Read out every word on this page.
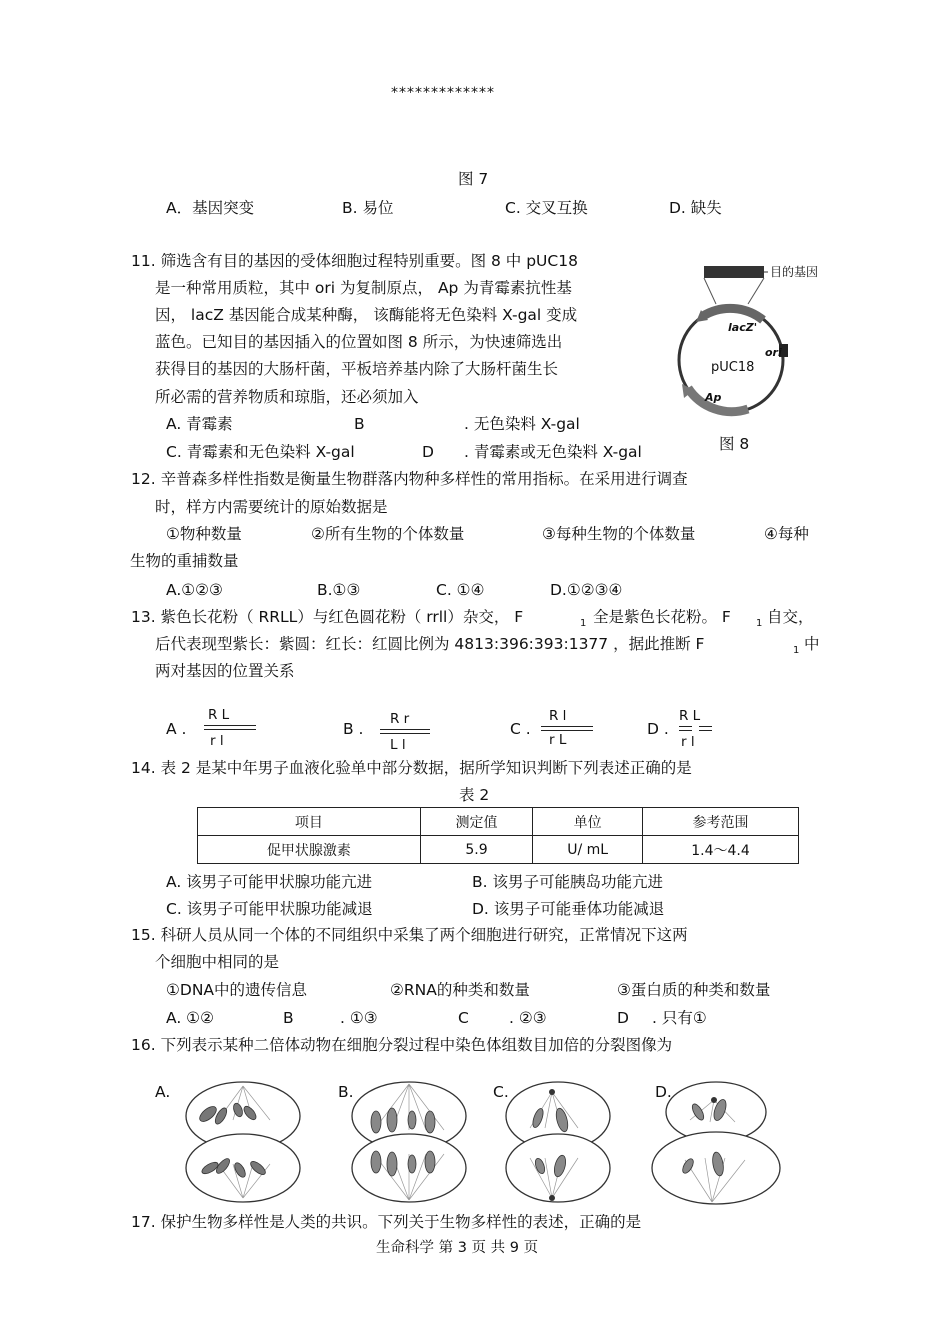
*************
图 7
A．基因突变	B. 易位	C. 交叉互换	D. 缺失
11. 筛选含有目的基因的受体细胞过程特别重要。图 8 中 pUC18
是一种常用质粒，其中 ori 为复制原点， Ap 为青霉素抗性基
因， lacZ 基因能合成某种酶， 该酶能将无色染料 X-gal 变成
蓝色。已知目的基因插入的位置如图 8 所示，为快速筛选出
获得目的基因的大肠杆菌，平板培养基内除了大肠杆菌生长
所必需的营养物质和琼脂，还必须加入
A. 青霉素	B	. 无色染料 X-gal
C. 青霉素和无色染料 X-gal	D . 青霉素或无色染料 X-gal
目的基因
lacZ'
ori
pUC18
Ap
图 8
12. 辛普森多样性指数是衡量生物群落内物种多样性的常用指标。在采用进行调查
时，样方内需要统计的原始数据是
①物种数量	②所有生物的个体数量	③每种生物的个体数量	④每种
生物的重捕数量
A.①②③	B.①③	C. ①④	D.①②③④
13. 紫色长花粉（ RRLL）与红色圆花粉（ rrll）杂交， F	1 全是紫色长花粉。 F	1 自交，
后代表现型紫长：紫圆：红长：红圆比例为 4813:396:393:1377 ，据此推断 F	1 中
两对基因的位置关系
A .
R L
r l
B .
R r
L l
C .
R l
r L
D .
R L
r l
14. 表 2 是某中年男子血液化验单中部分数据，据所学知识判断下列表述正确的是
表 2
项目	测定值	单位	参考范围
促甲状腺激素	5.9	U/ mL	1.4～4.4
A. 该男子可能甲状腺功能亢进	B. 该男子可能胰岛功能亢进
C. 该男子可能甲状腺功能减退	D. 该男子可能垂体功能减退
15. 科研人员从同一个体的不同组织中采集了两个细胞进行研究，正常情况下这两
个细胞中相同的是
①DNA中的遗传信息	②RNA的种类和数量	③蛋白质的种类和数量
A. ①②	B	. ①③	C	. ②③	D . 只有①
16. 下列表示某种二倍体动物在细胞分裂过程中染色体组数目加倍的分裂图像为
A.	B.	C.	D.
17. 保护生物多样性是人类的共识。下列关于生物多样性的表述，正确的是
生命科学 第 3 页 共 9 页
